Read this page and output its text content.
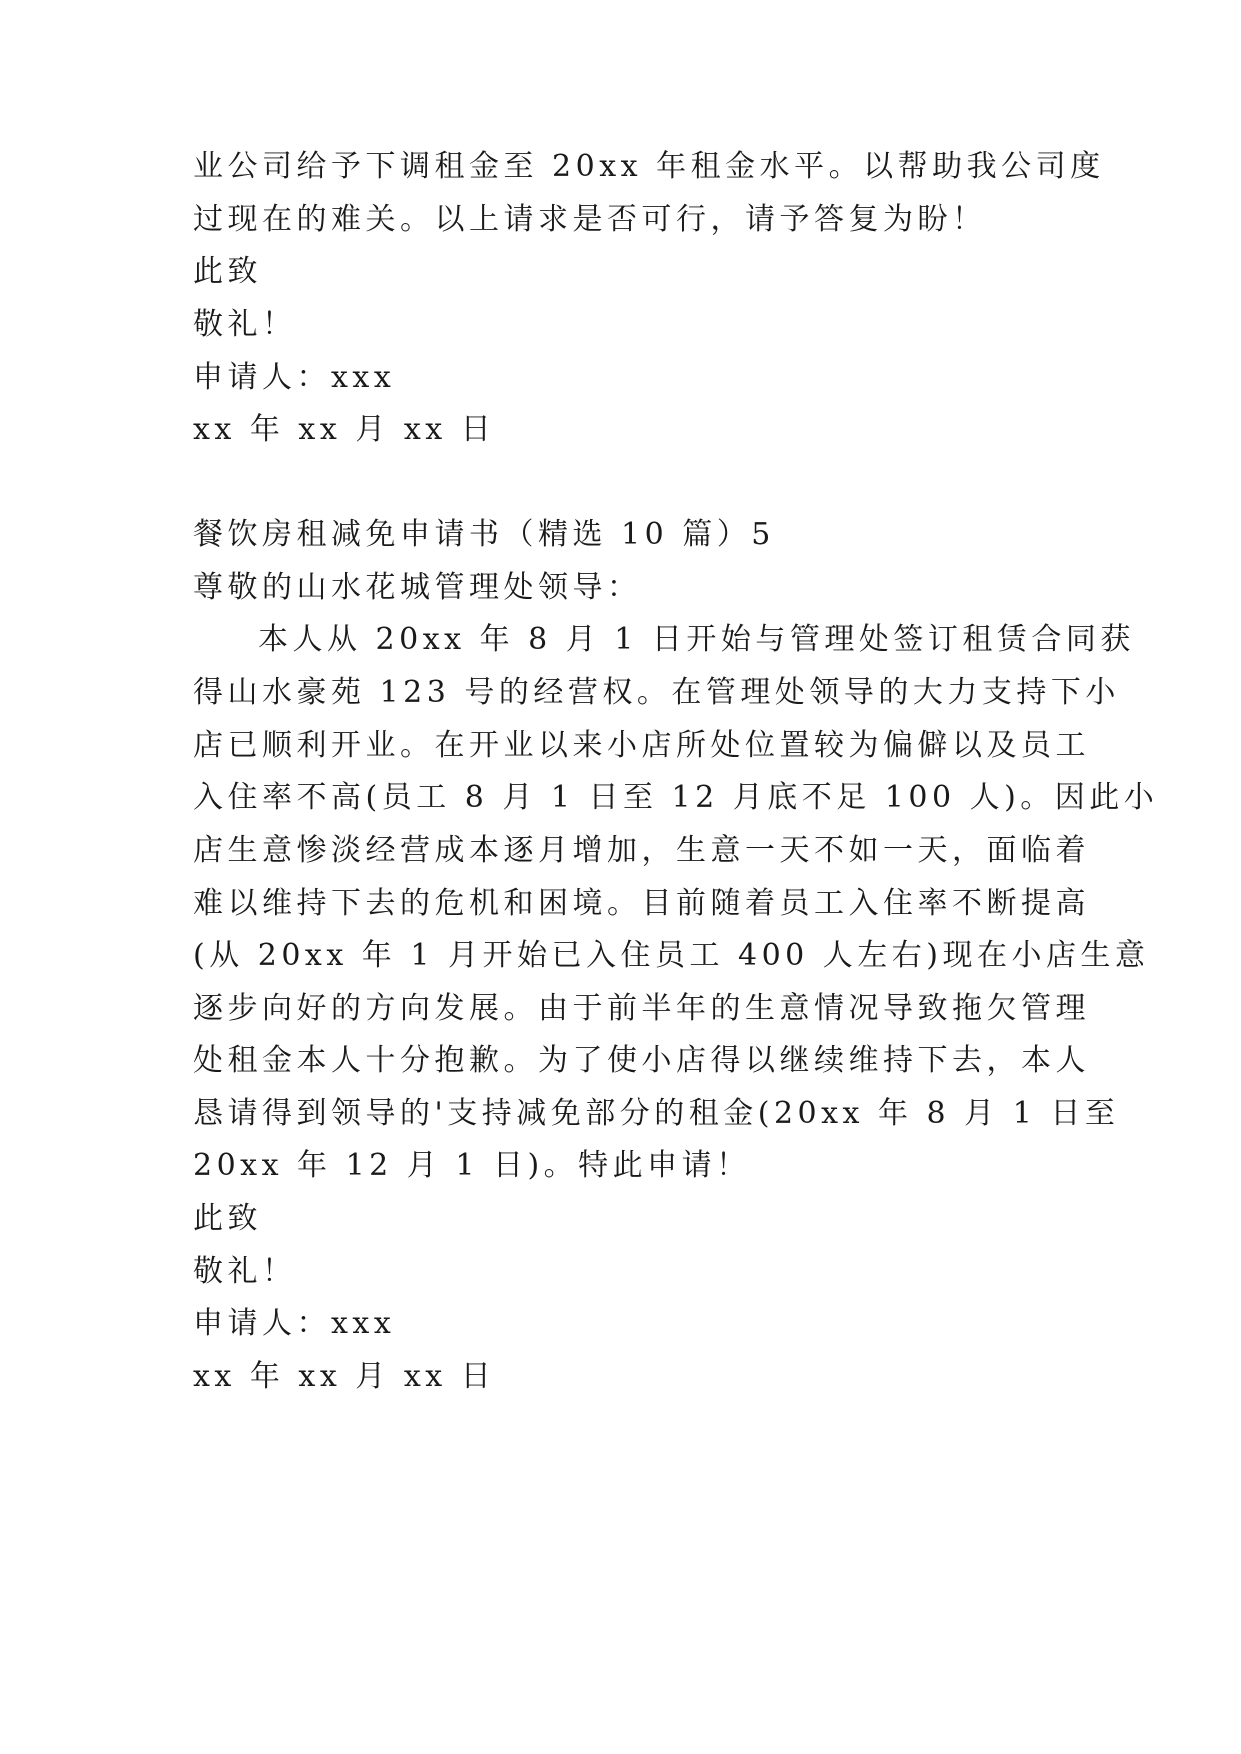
业公司给予下调租金至 20xx 年租金水平。以帮助我公司度
过现在的难关。以上请求是否可行，请予答复为盼！
此致
敬礼！
申请人：xxx
xx 年 xx 月 xx 日
餐饮房租减免申请书（精选 10 篇）5
尊敬的山水花城管理处领导：
本人从 20xx 年 8 月 1 日开始与管理处签订租赁合同获
得山水豪苑 123 号的经营权。在管理处领导的大力支持下小
店已顺利开业。在开业以来小店所处位置较为偏僻以及员工
入住率不高(员工 8 月 1 日至 12 月底不足 100 人)。因此小
店生意惨淡经营成本逐月增加，生意一天不如一天，面临着
难以维持下去的危机和困境。目前随着员工入住率不断提高
(从 20xx 年 1 月开始已入住员工 400 人左右)现在小店生意
逐步向好的方向发展。由于前半年的生意情况导致拖欠管理
处租金本人十分抱歉。为了使小店得以继续维持下去，本人
恳请得到领导的'支持减免部分的租金(20xx 年 8 月 1 日至
20xx 年 12 月 1 日)。特此申请！
此致
敬礼！
申请人：xxx
xx 年 xx 月 xx 日
